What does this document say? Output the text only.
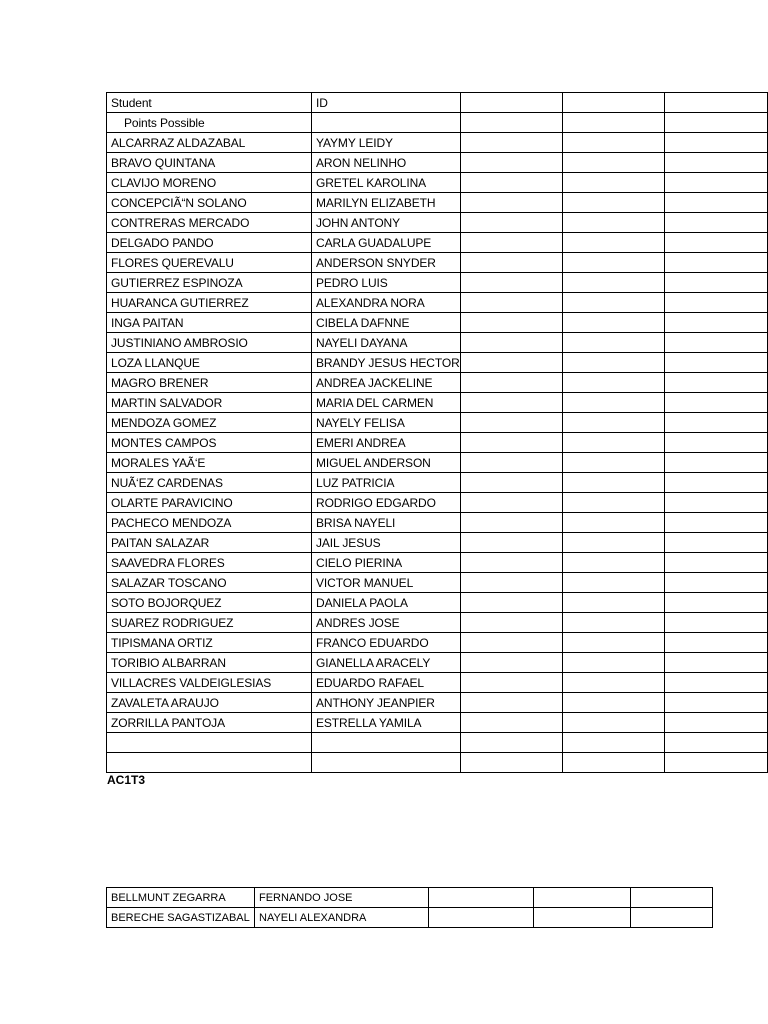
Student	ID			
Points Possible				
ALCARRAZ ALDAZABAL	YAYMY LEIDY			
BRAVO QUINTANA	ARON NELINHO			
CLAVIJO MORENO	GRETEL KAROLINA			
CONCEPCIÃ“N SOLANO	MARILYN ELIZABETH			
CONTRERAS MERCADO	JOHN ANTONY			
DELGADO PANDO	CARLA GUADALUPE			
FLORES QUEREVALU	ANDERSON SNYDER			
GUTIERREZ ESPINOZA	PEDRO LUIS			
HUARANCA GUTIERREZ	ALEXANDRA NORA			
INGA PAITAN	CIBELA DAFNNE			
JUSTINIANO AMBROSIO	NAYELI DAYANA			
LOZA LLANQUE	BRANDY JESUS HECTOR			
MAGRO BRENER	ANDREA JACKELINE			
MARTIN SALVADOR	MARIA DEL CARMEN			
MENDOZA GOMEZ	NAYELY FELISA			
MONTES CAMPOS	EMERI ANDREA			
MORALES YAÃ‘E	MIGUEL ANDERSON			
NUÃ‘EZ CARDENAS	LUZ PATRICIA			
OLARTE PARAVICINO	RODRIGO EDGARDO			
PACHECO MENDOZA	BRISA NAYELI			
PAITAN SALAZAR	JAIL JESUS			
SAAVEDRA FLORES	CIELO PIERINA			
SALAZAR TOSCANO	VICTOR MANUEL			
SOTO BOJORQUEZ	DANIELA PAOLA			
SUAREZ RODRIGUEZ	ANDRES JOSE			
TIPISMANA ORTIZ	FRANCO EDUARDO			
TORIBIO ALBARRAN	GIANELLA ARACELY			
VILLACRES VALDEIGLESIAS	EDUARDO RAFAEL			
ZAVALETA ARAUJO	ANTHONY JEANPIER			
ZORRILLA PANTOJA	ESTRELLA YAMILA			

AC1T3
BELLMUNT ZEGARRA	FERNANDO JOSE			
BERECHE SAGASTIZABAL	NAYELI ALEXANDRA			
